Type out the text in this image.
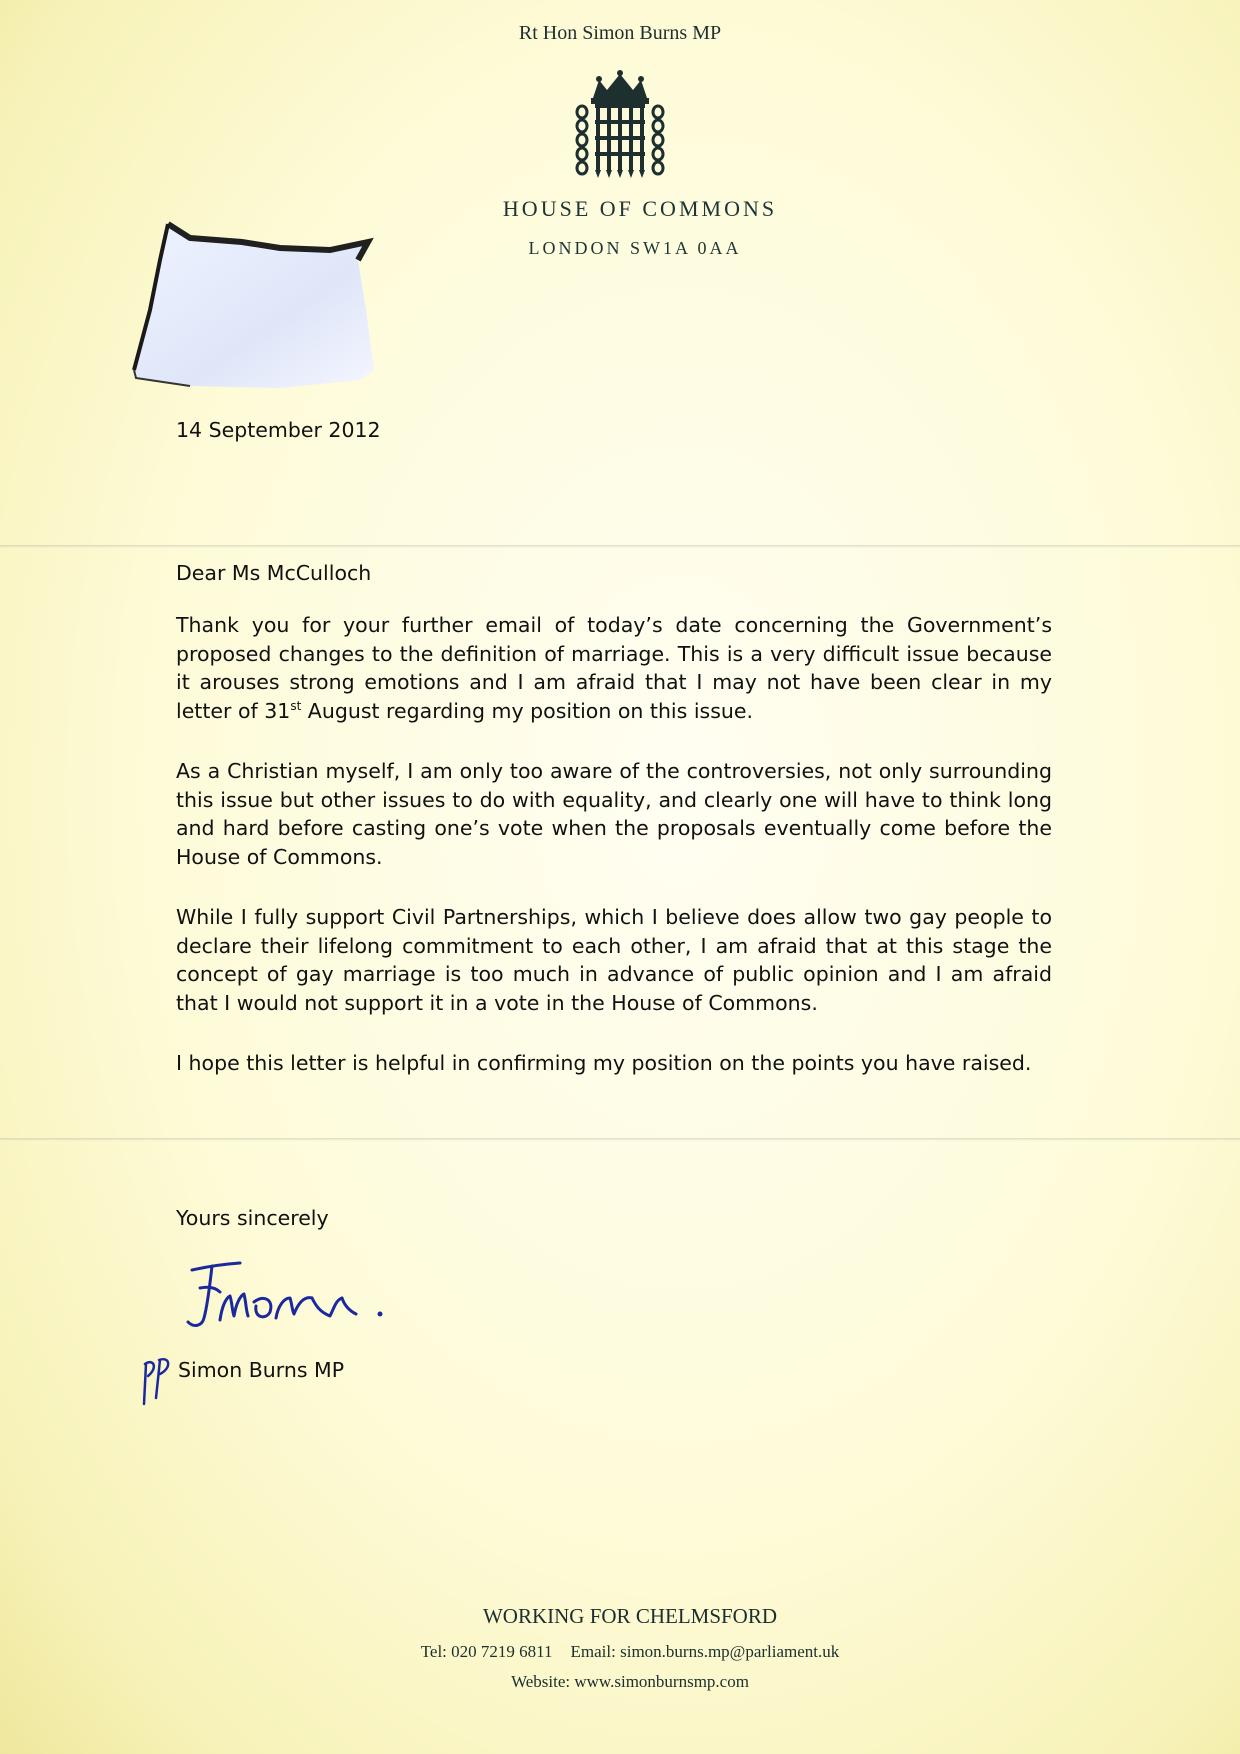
Rt Hon Simon Burns MP
HOUSE OF COMMONS
LONDON SW1A 0AA
14 September 2012
Dear Ms McCulloch

Thank you for your further email of today’s date concerning the Government’s proposed changes to the definition of marriage. This is a very difficult issue because it arouses strong emotions and I am afraid that I may not have been clear in my letter of 31st August regarding my position on this issue.

As a Christian myself, I am only too aware of the controversies, not only surrounding this issue but other issues to do with equality, and clearly one will have to think long and hard before casting one’s vote when the proposals eventually come before the House of Commons.

While I fully support Civil Partnerships, which I believe does allow two gay people to declare their lifelong commitment to each other, I am afraid that at this stage the concept of gay marriage is too much in advance of public opinion and I am afraid that I would not support it in a vote in the House of Commons.

I hope this letter is helpful in confirming my position on the points you have raised.

Yours sincerely
Simon Burns MP
WORKING FOR CHELMSFORD
Tel: 020 7219 6811 Email: simon.burns.mp@parliament.uk
Website: www.simonburnsmp.com
